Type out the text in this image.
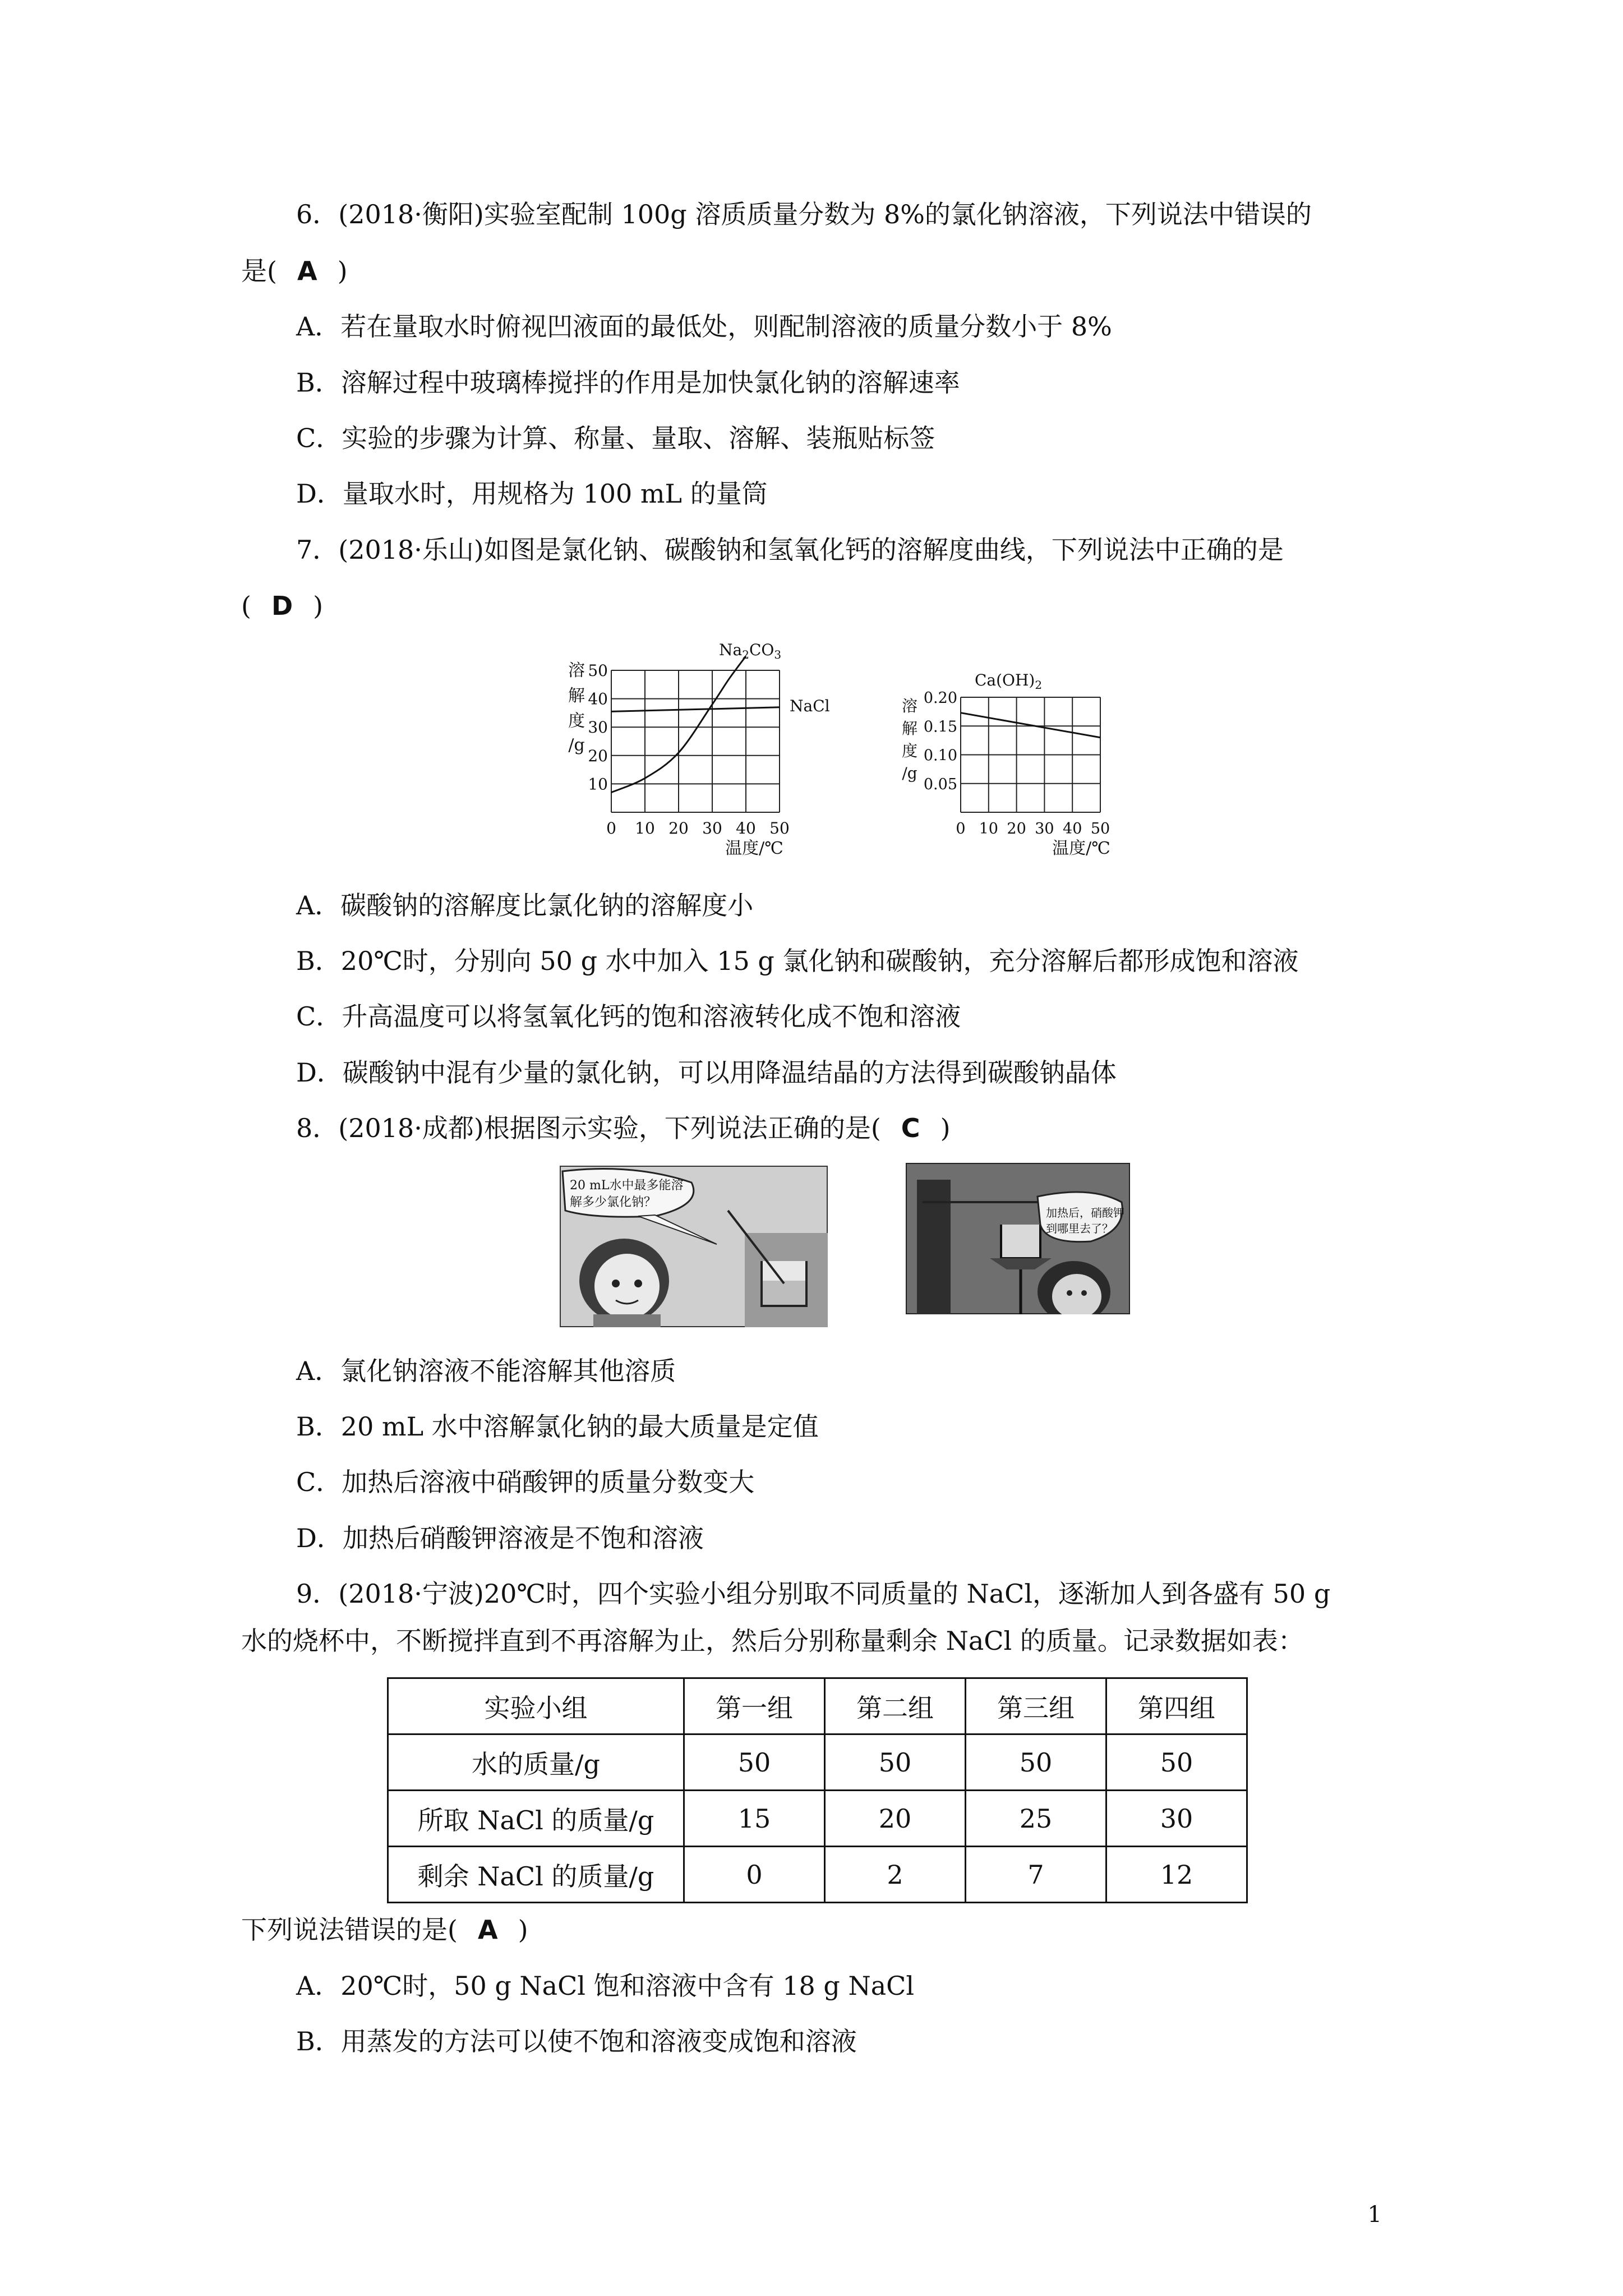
6．(2018·衡阳)实验室配制 100g 溶质质量分数为 8%的氯化钠溶液，下列说法中错误的
是( A )
A．若在量取水时俯视凹液面的最低处，则配制溶液的质量分数小于 8%
B．溶解过程中玻璃棒搅拌的作用是加快氯化钠的溶解速率
C．实验的步骤为计算、称量、量取、溶解、装瓶贴标签
D．量取水时，用规格为 100 mL 的量筒
7．(2018·乐山)如图是氯化钠、碳酸钠和氢氧化钙的溶解度曲线，下列说法中正确的是
( D )
0 10 20 30 40 50
10
20
30
40
50
溶
解
度
/g
温度/℃
$Na_2CO_3$
NaCl
0 10 20 30 40 50
0.05
0.10
0.15
0.20
溶
解
度
/g
温度/℃
$Ca(OH)_2$
A．碳酸钠的溶解度比氯化钠的溶解度小
B．20℃时，分别向 50 g 水中加入 15 g 氯化钠和碳酸钠，充分溶解后都形成饱和溶液
C．升高温度可以将氢氧化钙的饱和溶液转化成不饱和溶液
D．碳酸钠中混有少量的氯化钠，可以用降温结晶的方法得到碳酸钠晶体
8．(2018·成都)根据图示实验，下列说法正确的是( C )
20 mL水中最多能溶
解多少氯化钠？
加热后，硝酸钾
到哪里去了？
A．氯化钠溶液不能溶解其他溶质
B．20 mL 水中溶解氯化钠的最大质量是定值
C．加热后溶液中硝酸钾的质量分数变大
D．加热后硝酸钾溶液是不饱和溶液
9．(2018·宁波)20℃时，四个实验小组分别取不同质量的 NaCl，逐渐加人到各盛有 50 g
水的烧杯中，不断搅拌直到不再溶解为止，然后分别称量剩余 NaCl 的质量。记录数据如表：
实验小组	第一组	第二组	第三组	第四组
水的质量/g	50	50	50	50
所取 NaCl 的质量/g	15	20	25	30
剩余 NaCl 的质量/g	0	2	7	12
下列说法错误的是( A )
A．20℃时，50 g NaCl 饱和溶液中含有 18 g NaCl
B．用蒸发的方法可以使不饱和溶液变成饱和溶液
1
